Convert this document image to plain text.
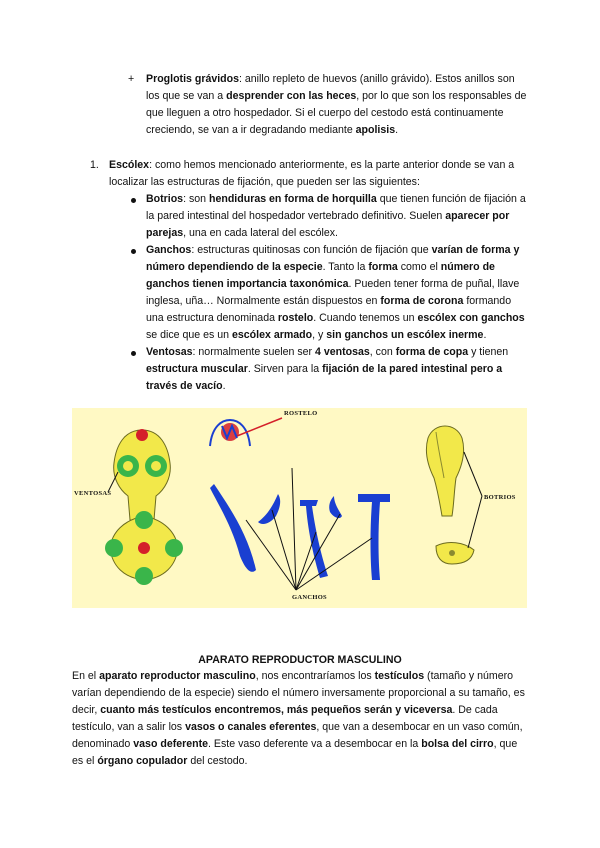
+ Proglotis grávidos: anillo repleto de huevos (anillo grávido). Estos anillos son los que se van a desprender con las heces, por lo que son los responsables de que lleguen a otro hospedador. Si el cuerpo del cestodo está continuamente creciendo, se van a ir degradando mediante apolisis.
1. Escólex: como hemos mencionado anteriormente, es la parte anterior donde se van a localizar las estructuras de fijación, que pueden ser las siguientes:
Botrios: son hendiduras en forma de horquilla que tienen función de fijación a la pared intestinal del hospedador vertebrado definitivo. Suelen aparecer por parejas, una en cada lateral del escólex.
Ganchos: estructuras quitinosas con función de fijación que varían de forma y número dependiendo de la especie. Tanto la forma como el número de ganchos tienen importancia taxonómica. Pueden tener forma de puñal, llave inglesa, uña… Normalmente están dispuestos en forma de corona formando una estructura denominada rostelo. Cuando tenemos un escólex con ganchos se dice que es un escólex armado, y sin ganchos un escólex inerme.
Ventosas: normalmente suelen ser 4 ventosas, con forma de copa y tienen estructura muscular. Sirven para la fijación de la pared intestinal pero a través de vacío.
ROSTELO
VENTOSAS
BOTRIOS
GANCHOS
APARATO REPRODUCTOR MASCULINO
En el aparato reproductor masculino, nos encontraríamos los testículos (tamaño y número varían dependiendo de la especie) siendo el número inversamente proporcional a su tamaño, es decir, cuanto más testículos encontremos, más pequeños serán y viceversa. De cada testículo, van a salir los vasos o canales eferentes, que van a desembocar en un vaso común, denominado vaso deferente. Este vaso deferente va a desembocar en la bolsa del cirro, que es el órgano copulador del cestodo.
